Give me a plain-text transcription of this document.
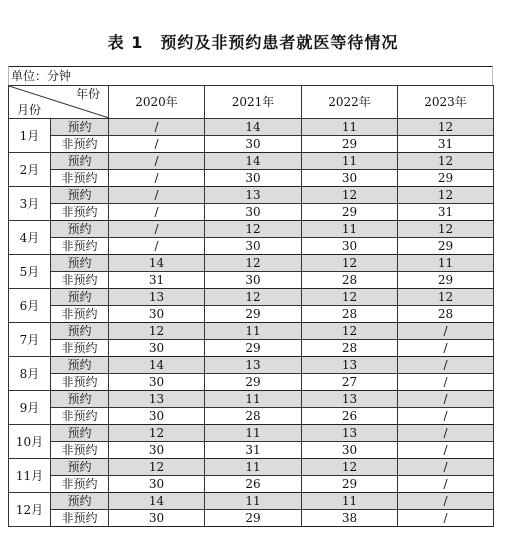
表 1　预约及非预约患者就医等待情况
单位：分钟
年份
月份		2020年	2021年	2022年	2023年
1月	预约	/	14	11	12
	非预约	/	30	29	31
2月	预约	/	14	11	12
	非预约	/	30	30	29
3月	预约	/	13	12	12
	非预约	/	30	29	31
4月	预约	/	12	11	12
	非预约	/	30	30	29
5月	预约	14	12	12	11
	非预约	31	30	28	29
6月	预约	13	12	12	12
	非预约	30	29	28	28
7月	预约	12	11	12	/
	非预约	30	29	28	/
8月	预约	14	13	13	/
	非预约	30	29	27	/
9月	预约	13	11	13	/
	非预约	30	28	26	/
10月	预约	12	11	13	/
	非预约	30	31	30	/
11月	预约	12	11	12	/
	非预约	30	26	29	/
12月	预约	14	11	11	/
	非预约	30	29	38	/
